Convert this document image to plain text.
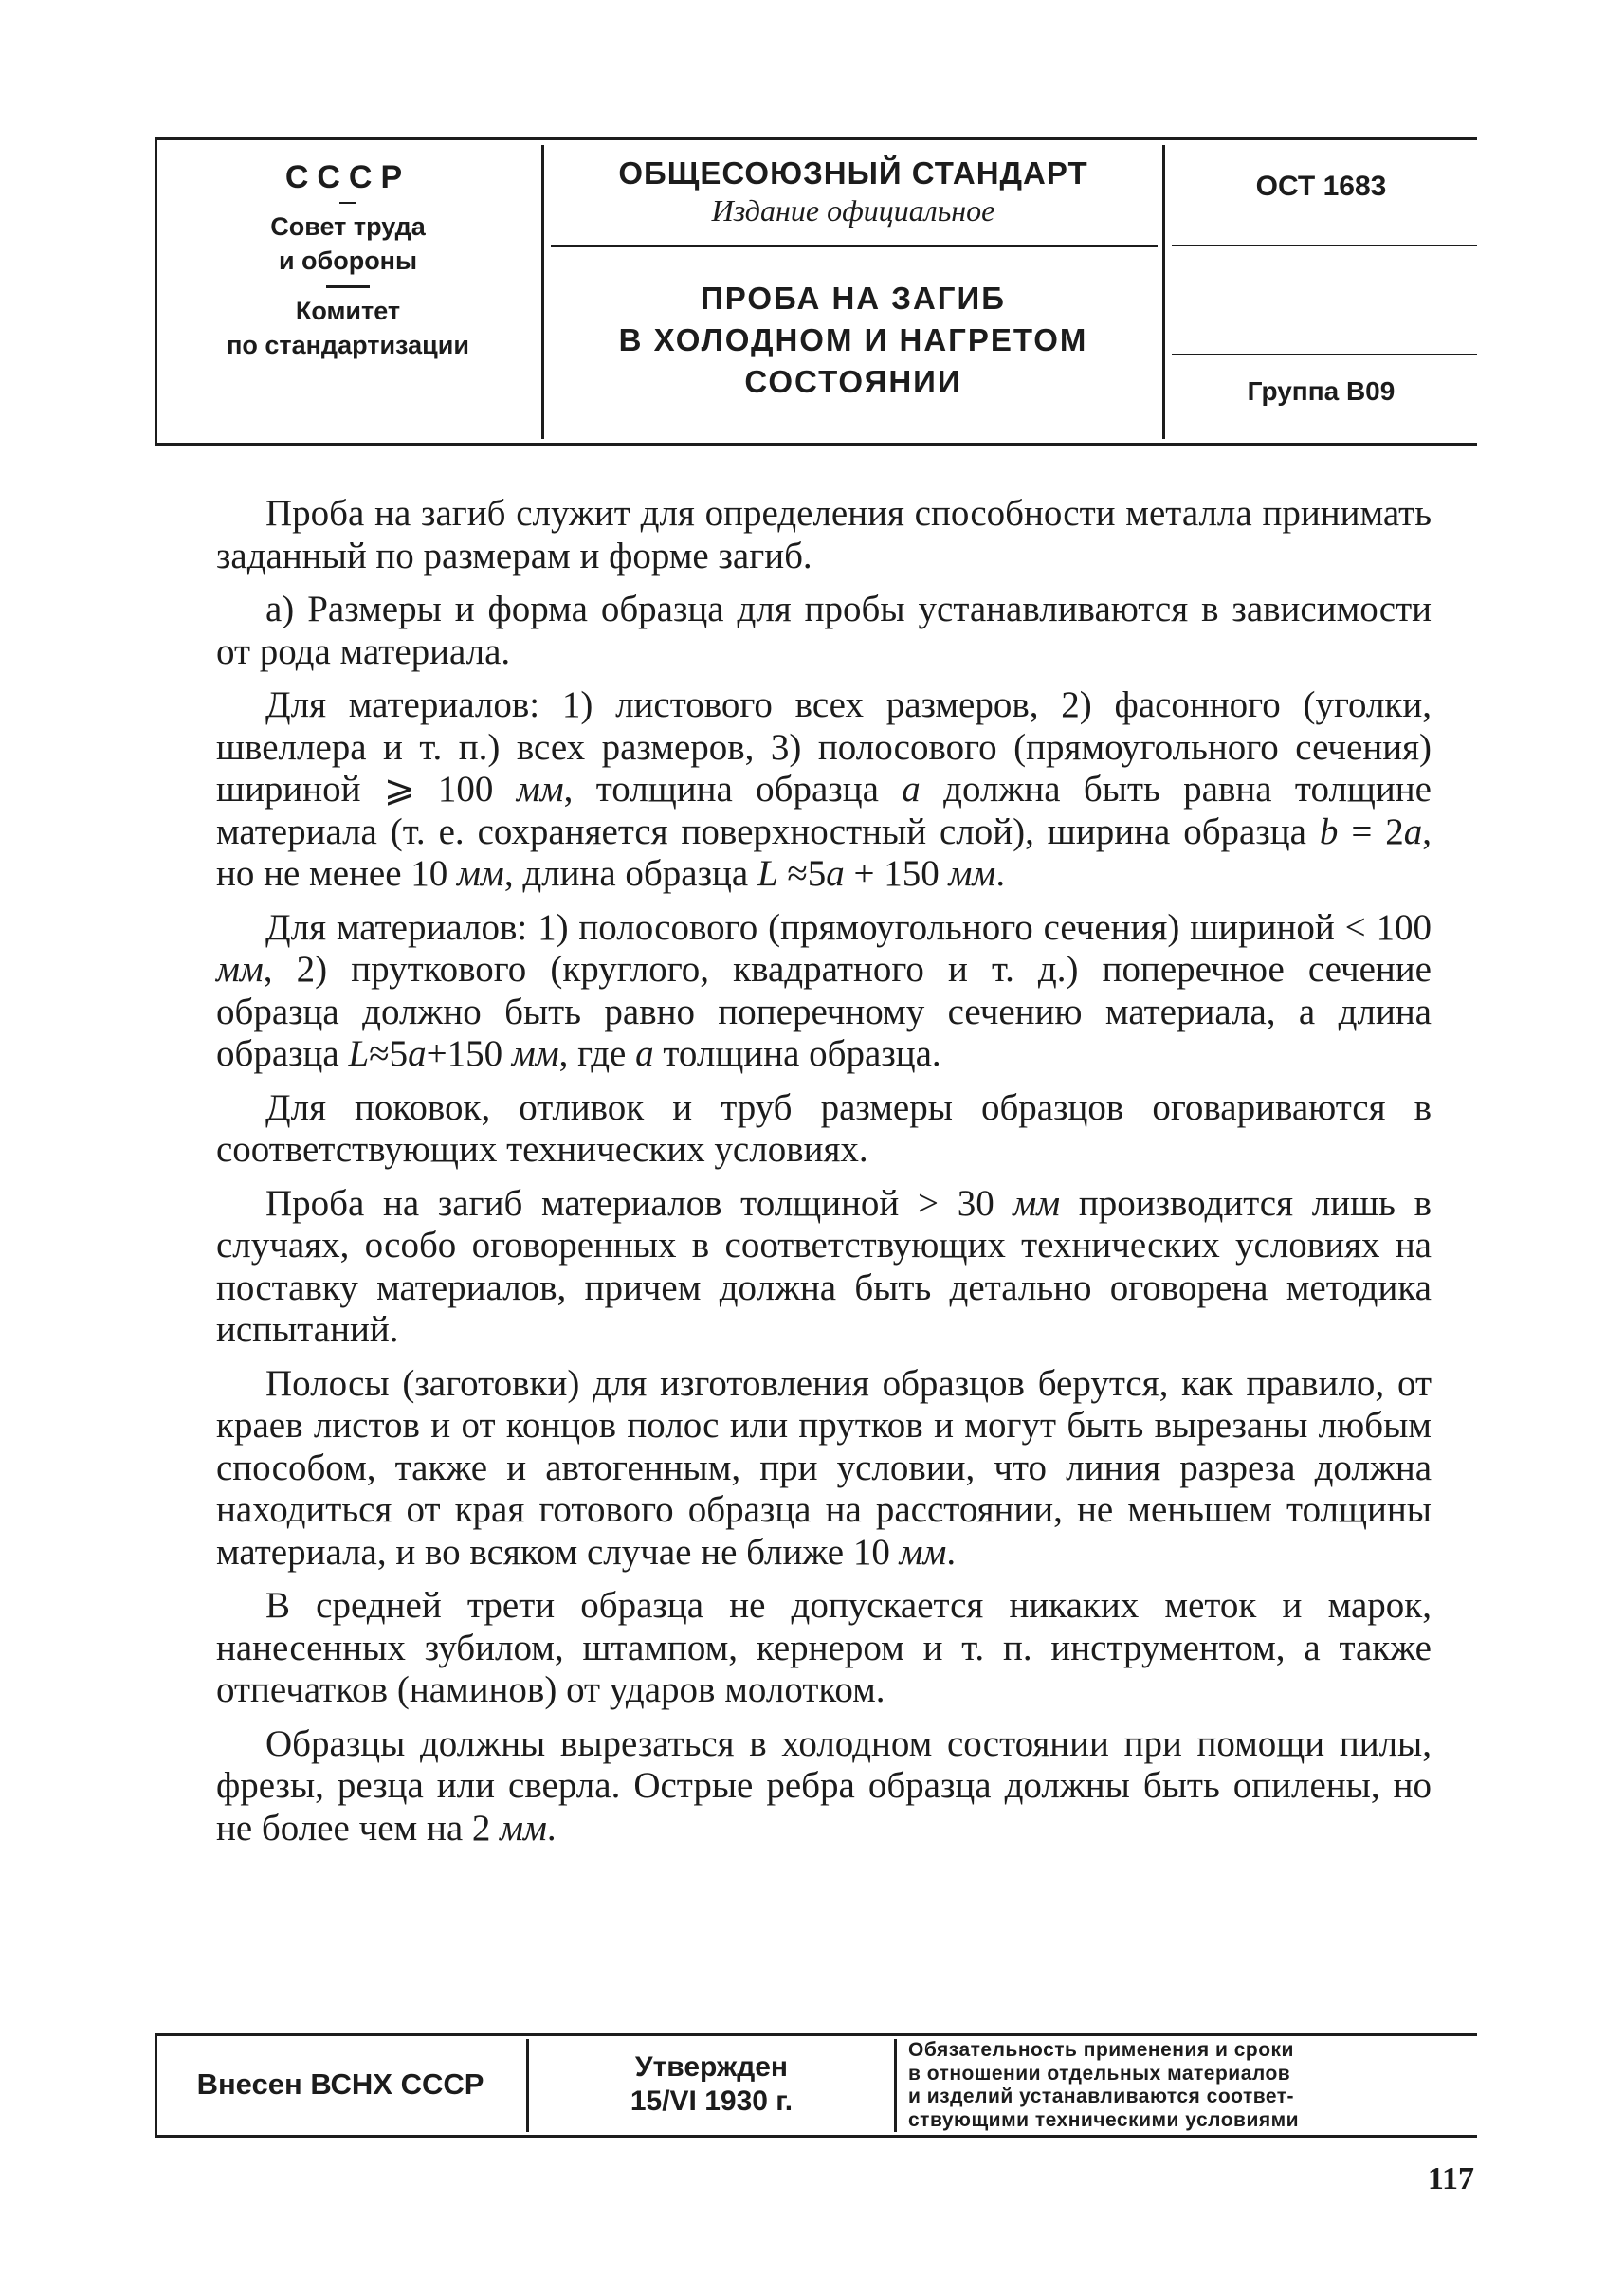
СССР
Совет труда
и обороны
Комитет
по стандартизации
ОБЩЕСОЮЗНЫЙ СТАНДАРТ
Издание официальное
ПРОБА НА ЗАГИБ
В ХОЛОДНОМ И НАГРЕТОМ
СОСТОЯНИИ
ОСТ 1683
Группа В09

Проба на загиб служит для определения способности металла принимать заданный по размерам и форме загиб.

а) Размеры и форма образца для пробы устанавливаются в зависимости от рода материала.

Для материалов: 1) листового всех размеров, 2) фасонного (уголки, швеллера и т. п.) всех размеров, 3) полосового (прямоугольного сечения) шириной ⩾ 100 мм, толщина образца а должна быть равна толщине материала (т. е. сохраняется поверхностный слой), ширина образца b = 2а, но не менее 10 мм, длина образца L ≈5а + 150 мм.

Для материалов: 1) полосового (прямоугольного сечения) шириной < 100 мм, 2) пруткового (круглого, квадратного и т. д.) поперечное сечение образца должно быть равно поперечному сечению материала, а длина образца L≈5а+150 мм, где а толщина образца.

Для поковок, отливок и труб размеры образцов оговариваются в соответствующих технических условиях.

Проба на загиб материалов толщиной > 30 мм производится лишь в случаях, особо оговоренных в соответствующих технических условиях на поставку материалов, причем должна быть детально оговорена методика испытаний.

Полосы (заготовки) для изготовления образцов берутся, как правило, от краев листов и от концов полос или прутков и могут быть вырезаны любым способом, также и автогенным, при условии, что линия разреза должна находиться от края готового образца на расстоянии, не меньшем толщины материала, и во всяком случае не ближе 10 мм.

В средней трети образца не допускается никаких меток и марок, нанесенных зубилом, штампом, кернером и т. п. инструментом, а также отпечатков (наминов) от ударов молотком.

Образцы должны вырезаться в холодном состоянии при помощи пилы, фрезы, резца или сверла. Острые ребра образца должны быть опилены, но не более чем на 2 мм.

Внесен ВСНХ СССР
Утвержден
15/VI 1930 г.
Обязательность применения и сроки
в отношении отдельных материалов
и изделий устанавливаются соответ-
ствующими техническими условиями
117
